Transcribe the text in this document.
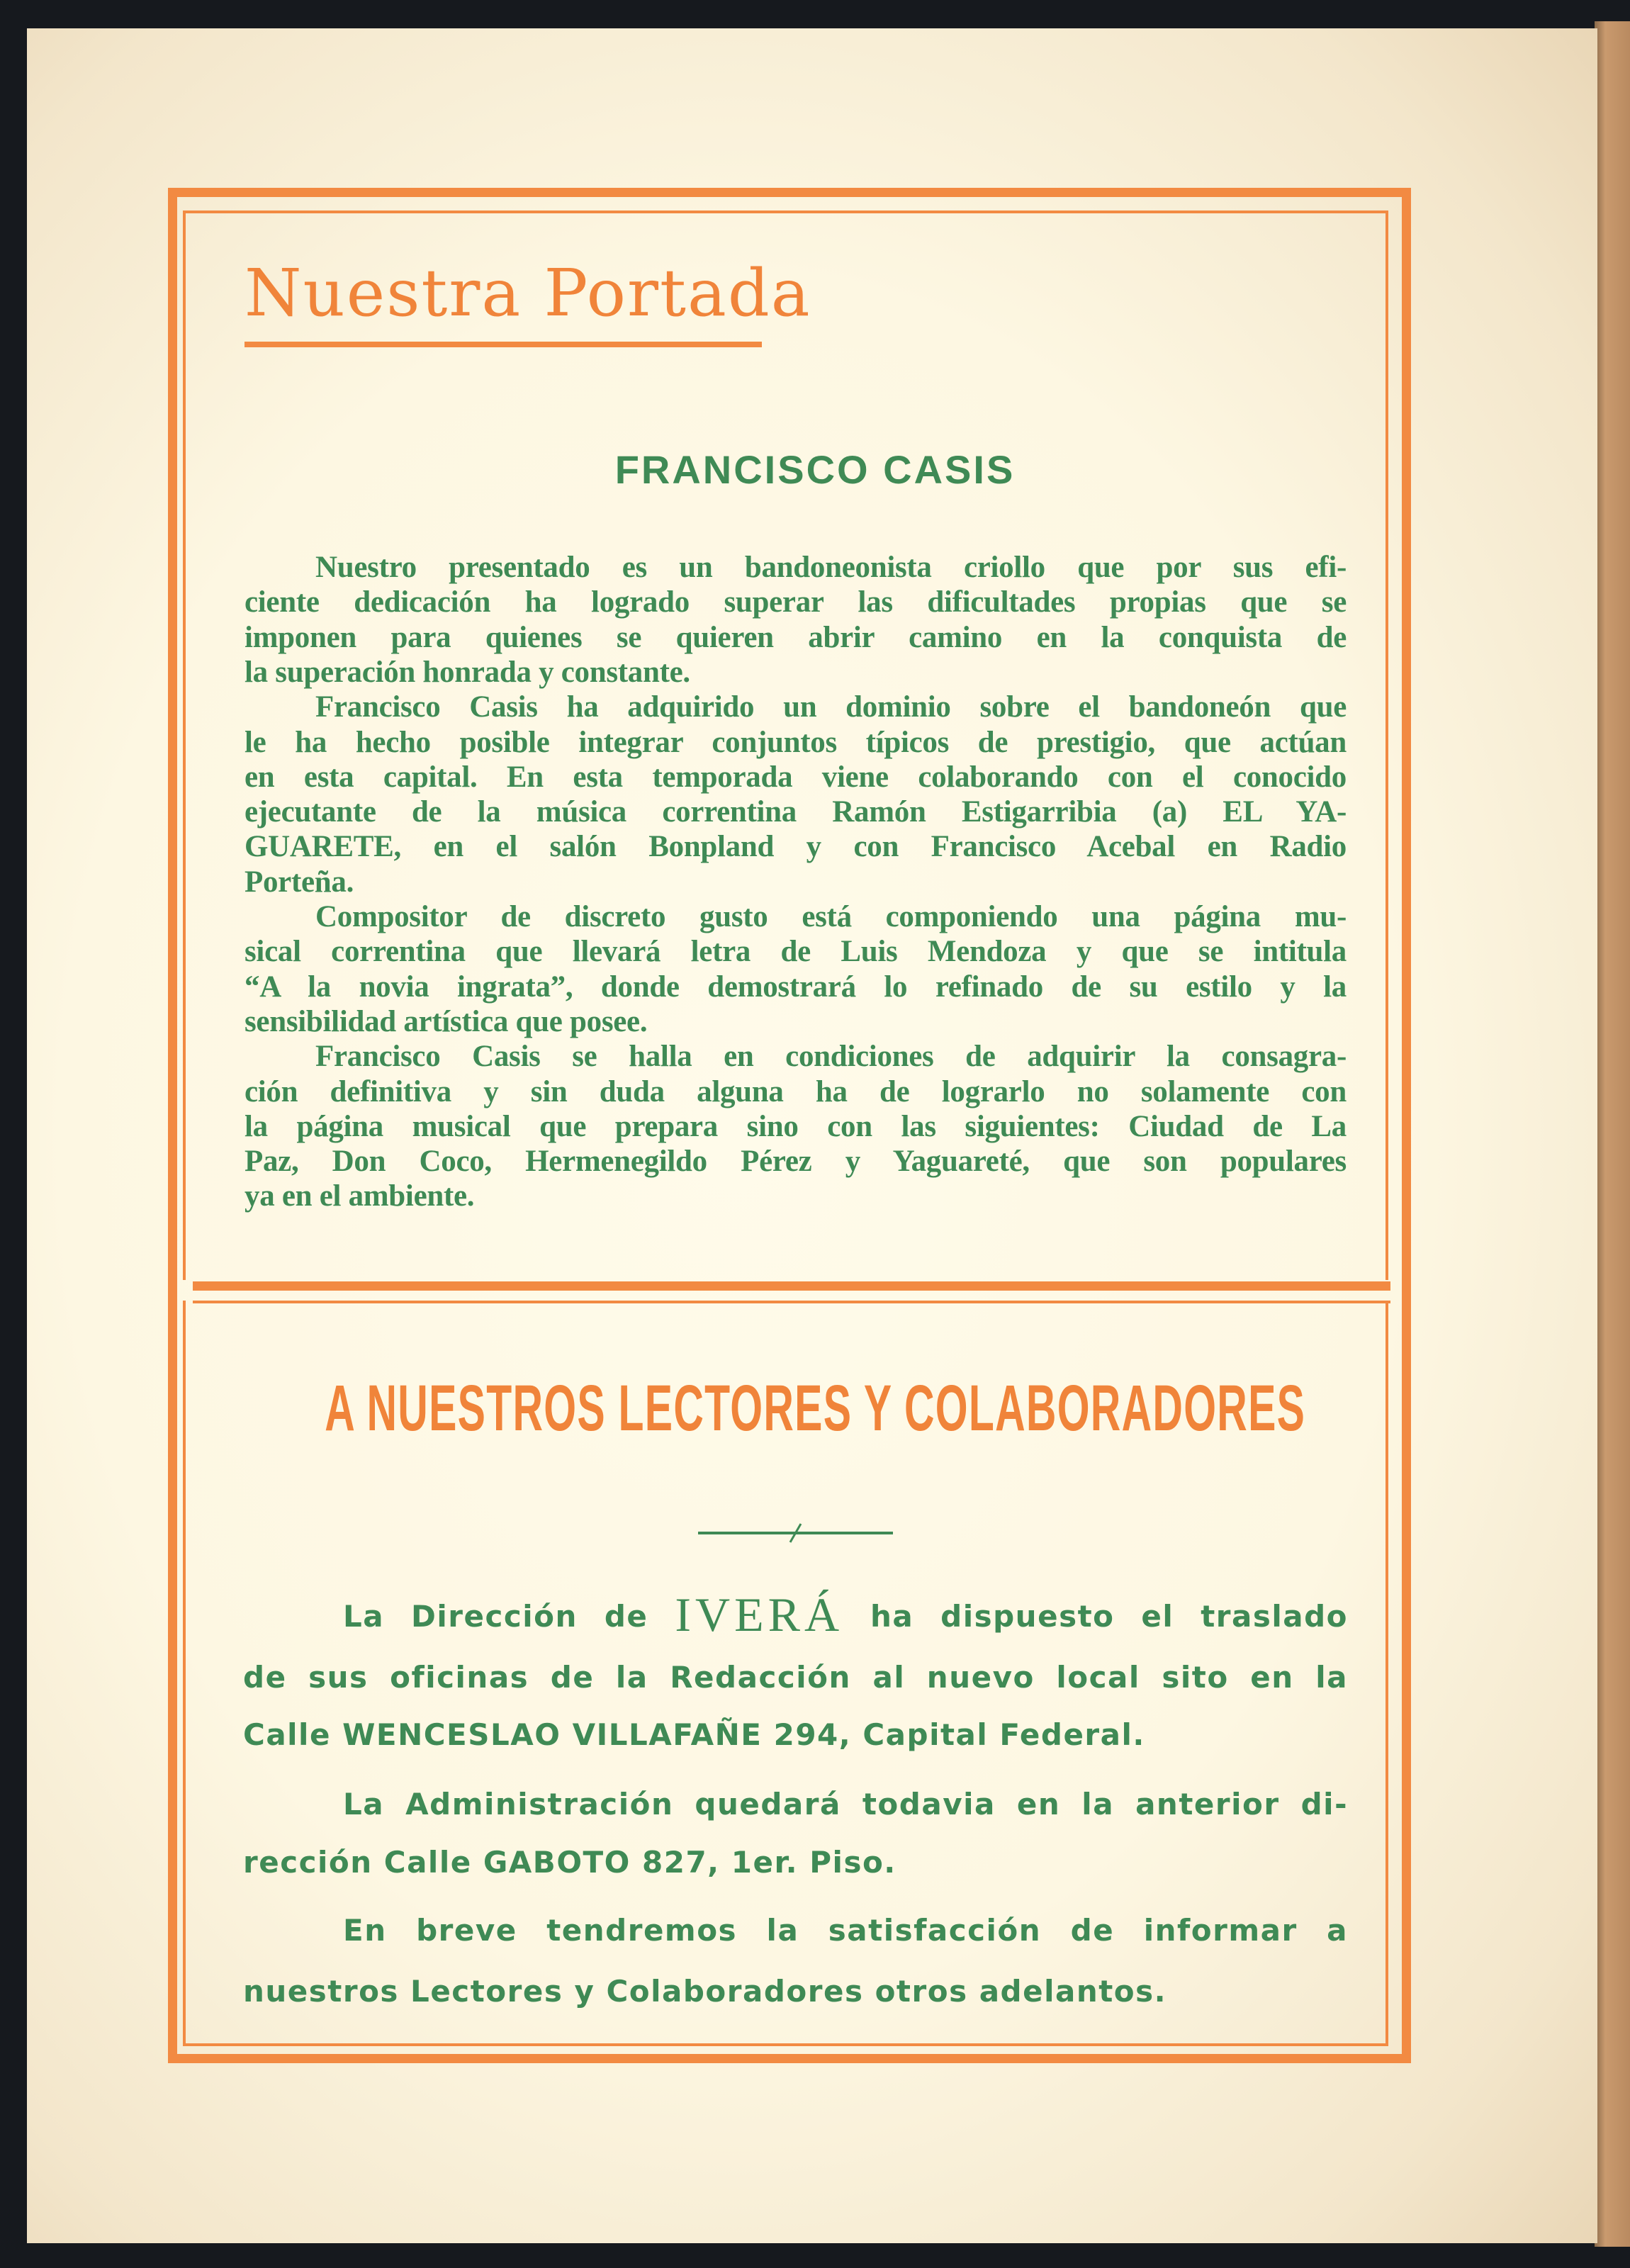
Nuestra Portada
FRANCISCO CASIS
Nuestro presentado es un bandoneonista criollo que por sus efi-
ciente dedicación ha logrado superar las dificultades propias que se
imponen para quienes se quieren abrir camino en la conquista de
la superación honrada y constante.
Francisco Casis ha adquirido un dominio sobre el bandoneón que
le ha hecho posible integrar conjuntos típicos de prestigio, que actúan
en esta capital. En esta temporada viene colaborando con el conocido
ejecutante de la música correntina Ramón Estigarribia (a) EL YA-
GUARETE, en el salón Bonpland y con Francisco Acebal en Radio
Porteña.
Compositor de discreto gusto está componiendo una página mu-
sical correntina que llevará letra de Luis Mendoza y que se intitula
“A la novia ingrata”, donde demostrará lo refinado de su estilo y la
sensibilidad artística que posee.
Francisco Casis se halla en condiciones de adquirir la consagra-
ción definitiva y sin duda alguna ha de lograrlo no solamente con
la página musical que prepara sino con las siguientes: Ciudad de La
Paz, Don Coco, Hermenegildo Pérez y Yaguareté, que son populares
ya en el ambiente.
A NUESTROS LECTORES Y COLABORADORES
La Dirección de IVERÁ ha dispuesto el traslado
de sus oficinas de la Redacción al nuevo local sito en la
Calle WENCESLAO VILLAFAÑE 294, Capital Federal.
La Administración quedará todavia en la anterior di-
rección Calle GABOTO 827, 1er. Piso.
En breve tendremos la satisfacción de informar a
nuestros Lectores y Colaboradores otros adelantos.
